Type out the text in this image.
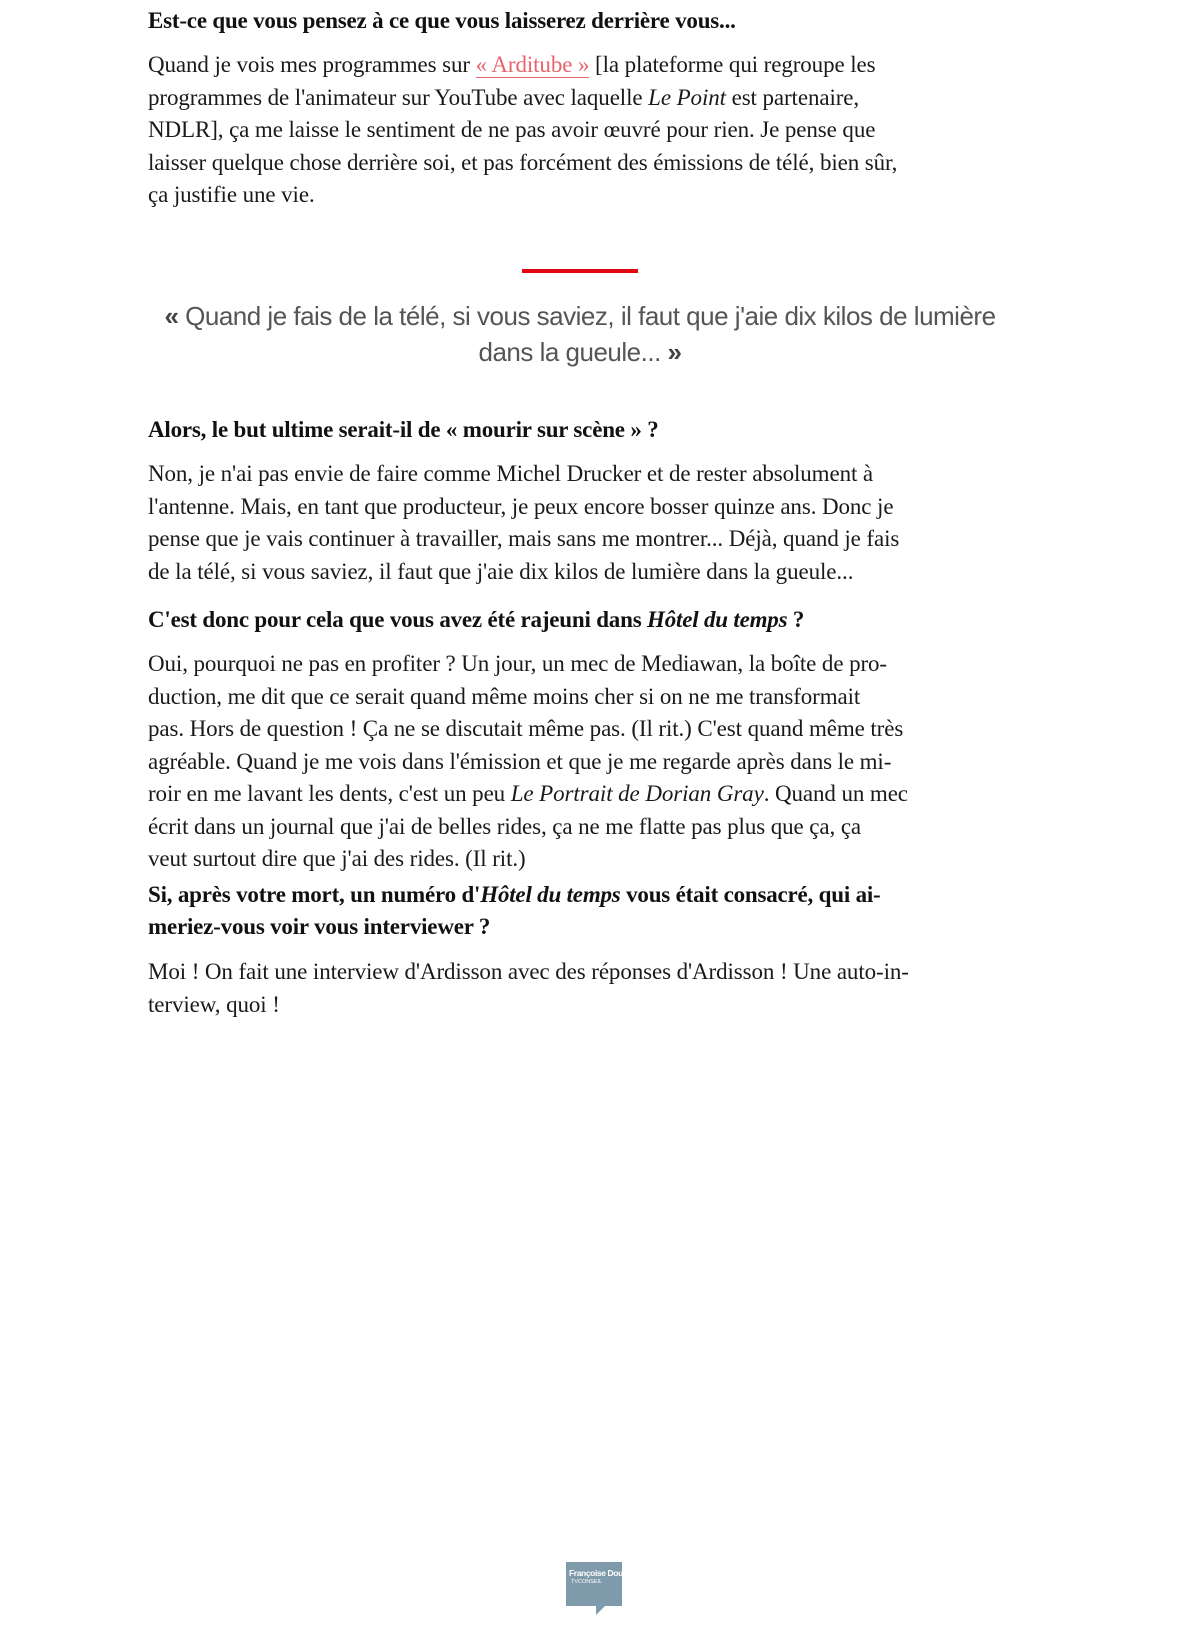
Est-ce que vous pensez à ce que vous laisserez derrière vous...

Quand je vois mes programmes sur « Arditube » [la plateforme qui regroupe les
programmes de l'animateur sur YouTube avec laquelle Le Point est partenaire,
NDLR], ça me laisse le sentiment de ne pas avoir œuvré pour rien. Je pense que
laisser quelque chose derrière soi, et pas forcément des émissions de télé, bien sûr,
ça justifie une vie.

« Quand je fais de la télé, si vous saviez, il faut que j'aie dix kilos de lumière
dans la gueule... »
Alors, le but ultime serait-il de « mourir sur scène » ?

Non, je n'ai pas envie de faire comme Michel Drucker et de rester absolument à
l'antenne. Mais, en tant que producteur, je peux encore bosser quinze ans. Donc je
pense que je vais continuer à travailler, mais sans me montrer... Déjà, quand je fais
de la télé, si vous saviez, il faut que j'aie dix kilos de lumière dans la gueule...

C'est donc pour cela que vous avez été rajeuni dans Hôtel du temps ?

Oui, pourquoi ne pas en profiter ? Un jour, un mec de Mediawan, la boîte de pro-
duction, me dit que ce serait quand même moins cher si on ne me transformait
pas. Hors de question ! Ça ne se discutait même pas. (Il rit.) C'est quand même très
agréable. Quand je me vois dans l'émission et que je me regarde après dans le mi-
roir en me lavant les dents, c'est un peu Le Portrait de Dorian Gray. Quand un mec
écrit dans un journal que j'ai de belles rides, ça ne me flatte pas plus que ça, ça
veut surtout dire que j'ai des rides. (Il rit.)

Si, après votre mort, un numéro d'Hôtel du temps vous était consacré, qui ai-
meriez-vous voir vous interviewer ?

Moi ! On fait une interview d'Ardisson avec des réponses d'Ardisson ! Une auto-in-
terview, quoi !

Françoise Doux
TVCONSEIL
